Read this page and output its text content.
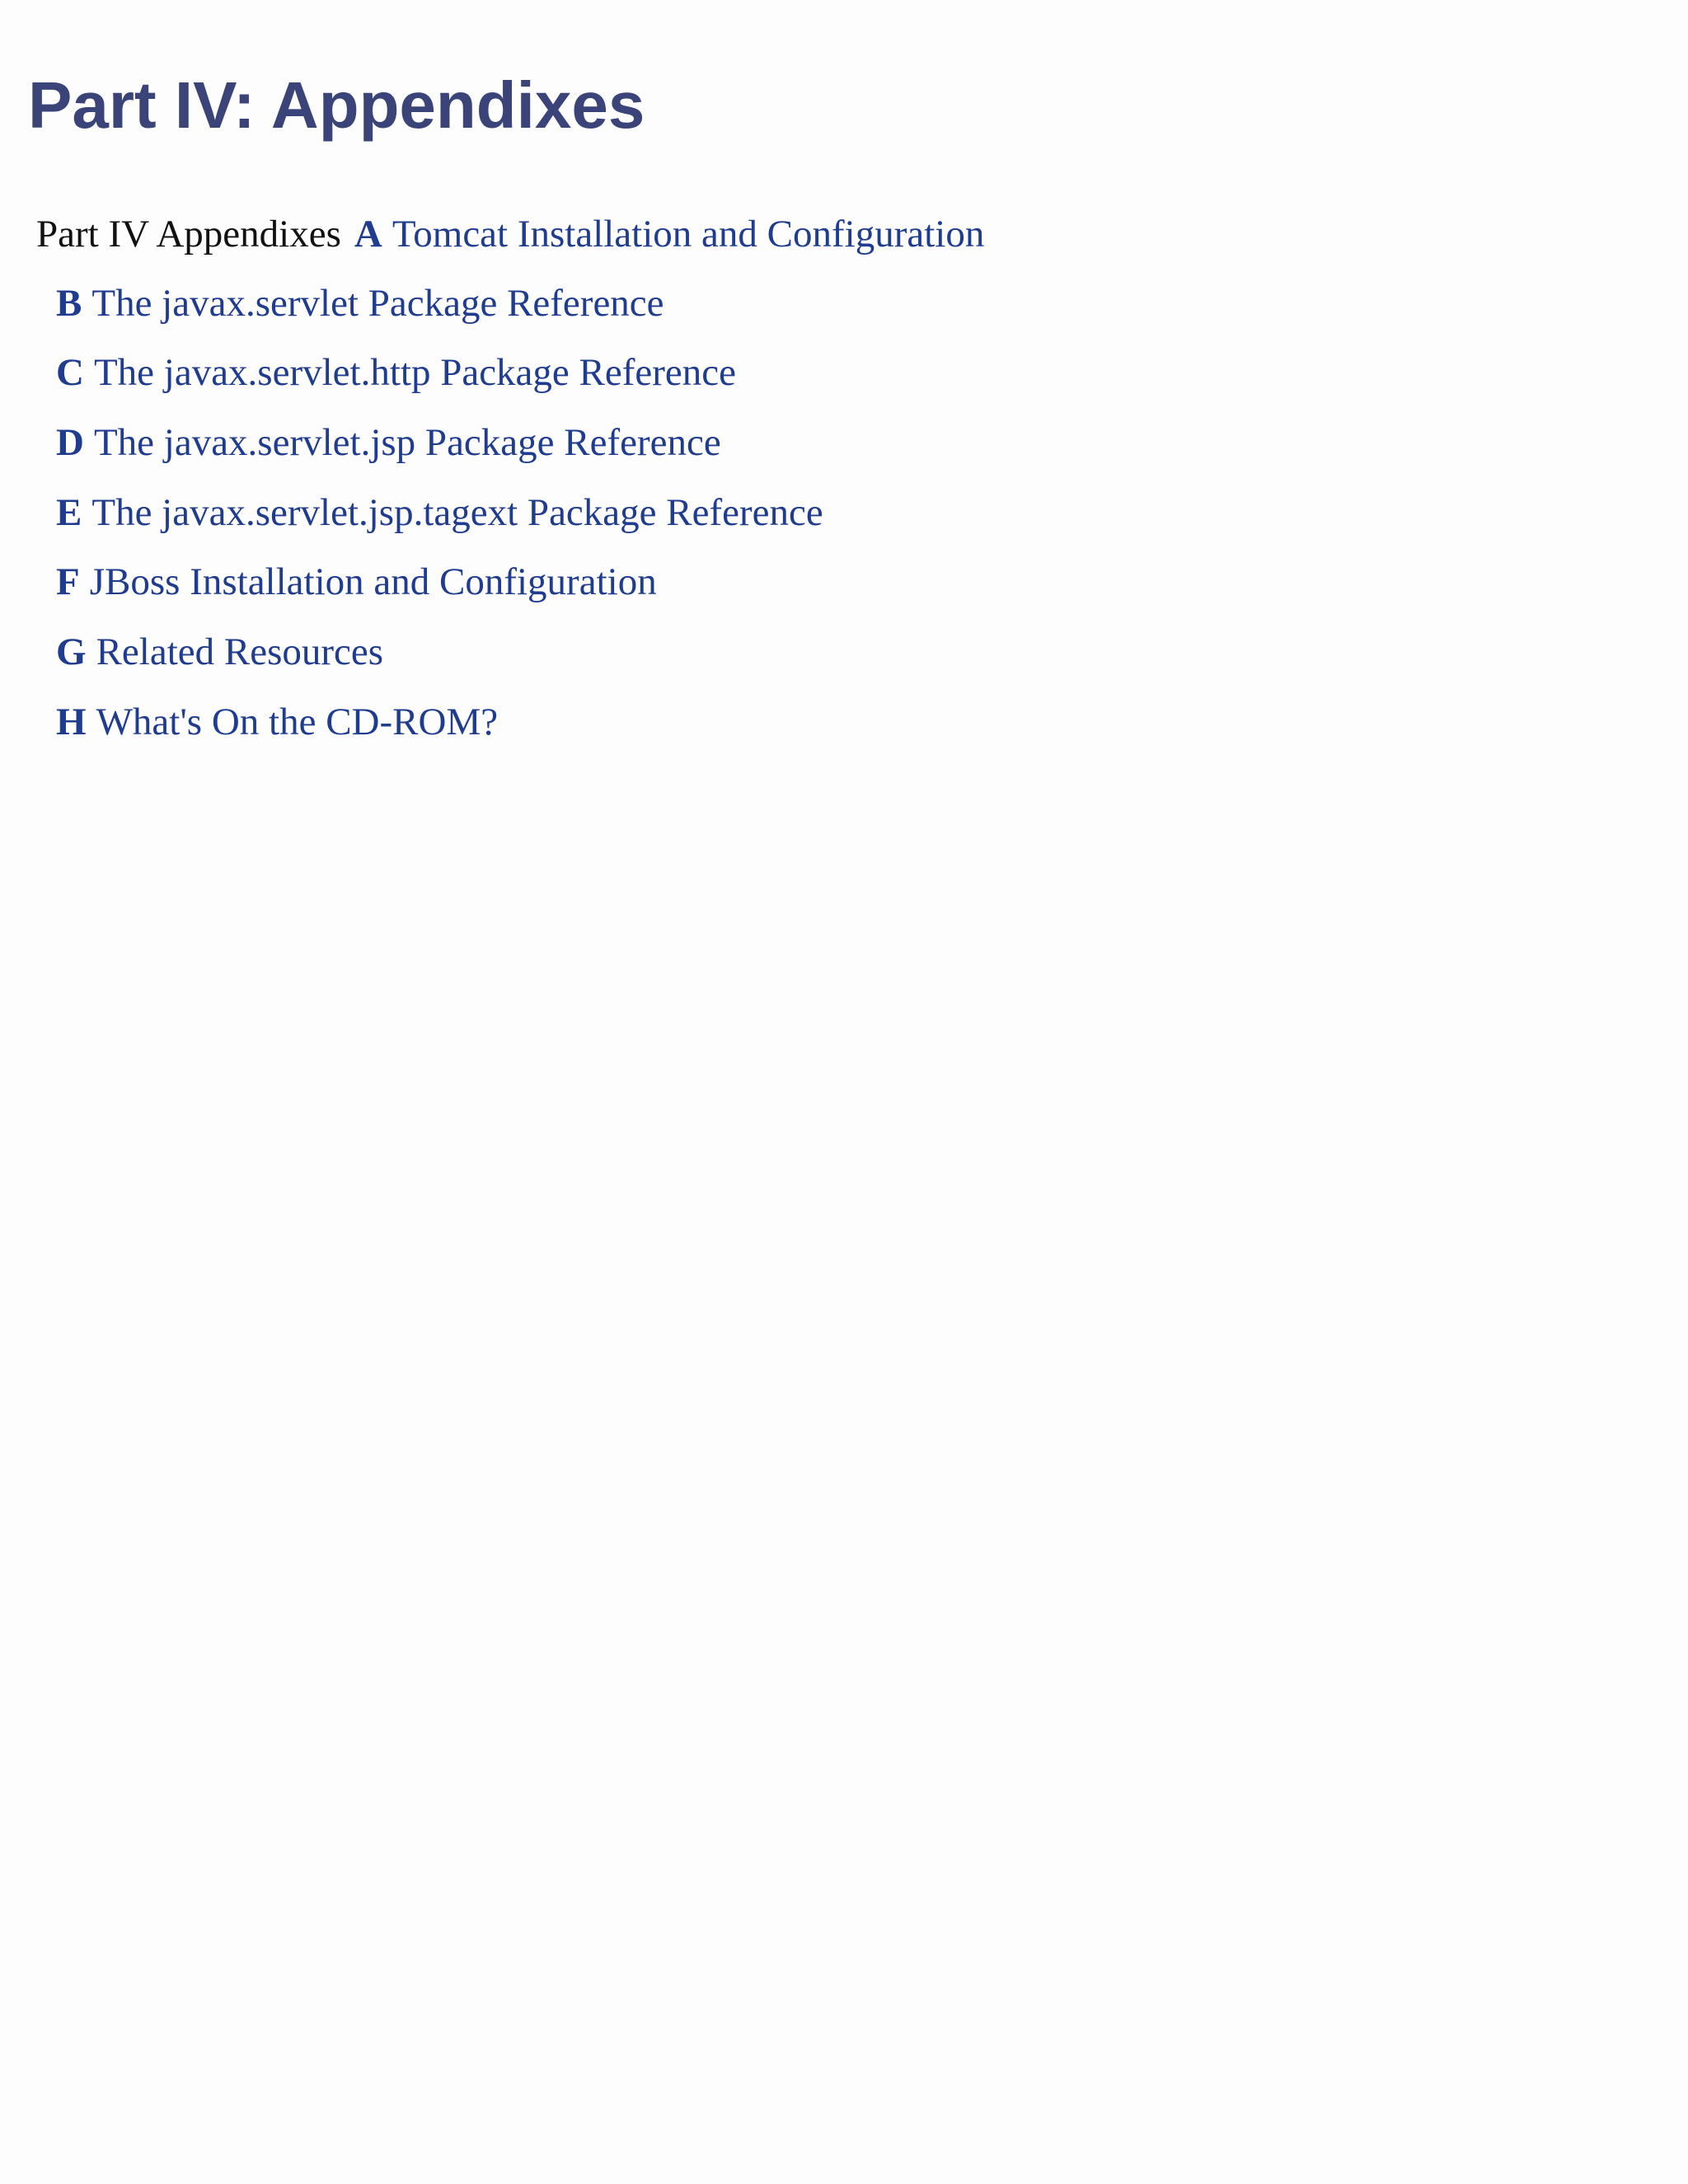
Part IV: Appendixes
Part IV Appendixes A Tomcat Installation and Configuration
B The javax.servlet Package Reference
C The javax.servlet.http Package Reference
D The javax.servlet.jsp Package Reference
E The javax.servlet.jsp.tagext Package Reference
F JBoss Installation and Configuration
G Related Resources
H What's On the CD-ROM?
